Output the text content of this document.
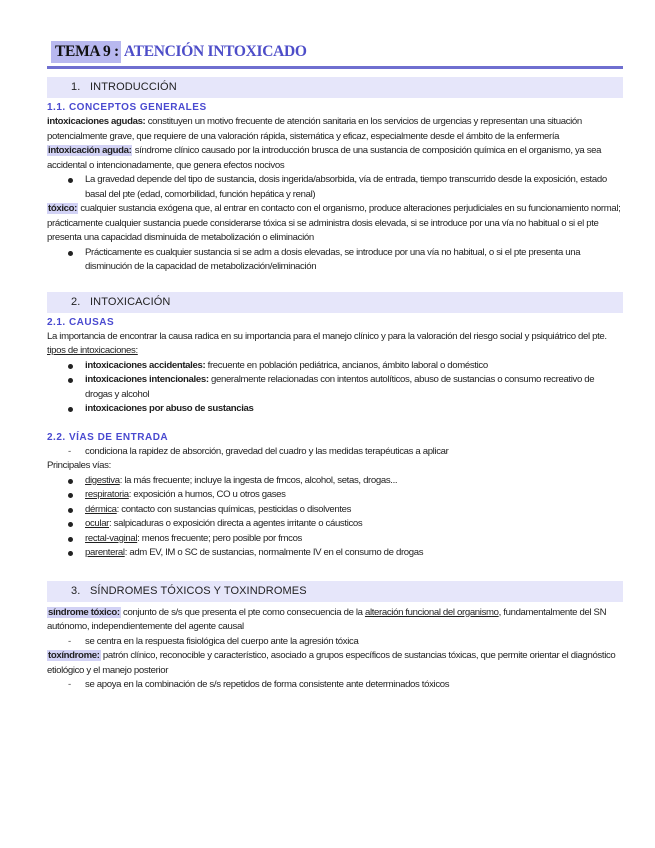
TEMA 9 : ATENCIÓN INTOXICADO
1. INTRODUCCIÓN
1.1. CONCEPTOS GENERALES

intoxicaciones agudas: constituyen un motivo frecuente de atención sanitaria en los servicios de urgencias y representan una situación potencialmente grave, que requiere de una valoración rápida, sistemática y eficaz, especialmente desde el ámbito de la enfermería

intoxicación aguda: síndrome clínico causado por la introducción brusca de una sustancia de composición química en el organismo, ya sea accidental o intencionadamente, que genera efectos nocivos

La gravedad depende del tipo de sustancia, dosis ingerida/absorbida, vía de entrada, tiempo transcurrido desde la exposición, estado basal del pte (edad, comorbilidad, función hepática y renal)

tóxico: cualquier sustancia exógena que, al entrar en contacto con el organismo, produce alteraciones perjudiciales en su funcionamiento normal; prácticamente cualquier sustancia puede considerarse tóxica si se administra dosis elevada, si se introduce por una vía no habitual o si el pte presenta una capacidad disminuida de metabolización o eliminación

Prácticamente es cualquier sustancia si se adm a dosis elevadas, se introduce por una vía no habitual, o si el pte presenta una disminución de la capacidad de metabolización/eliminación
2. INTOXICACIÓN
2.1. CAUSAS

La importancia de encontrar la causa radica en su importancia para el manejo clínico y para la valoración del riesgo social y psiquiátrico del pte.

tipos de intoxicaciones:

intoxicaciones accidentales: frecuente en población pediátrica, ancianos, ámbito laboral o doméstico
intoxicaciones intencionales: generalmente relacionadas con intentos autolíticos, abuso de sustancias o consumo recreativo de drogas y alcohol
intoxicaciones por abuso de sustancias
2.2. VÍAS DE ENTRADA
- condiciona la rapidez de absorción, gravedad del cuadro y las medidas terapéuticas a aplicar

Principales vías:

digestiva: la más frecuente; incluye la ingesta de fmcos, alcohol, setas, drogas...
respiratoria: exposición a humos, CO u otros gases
dérmica: contacto con sustancias químicas, pesticidas o disolventes
ocular: salpicaduras o exposición directa a agentes irritante o cáusticos
rectal-vaginal: menos frecuente; pero posible por fmcos
parenteral: adm EV, IM o SC de sustancias, normalmente IV en el consumo de drogas
3. SÍNDROMES TÓXICOS Y TOXINDROMES

síndrome tóxico: conjunto de s/s que presenta el pte como consecuencia de la alteración funcional del organismo, fundamentalmente del SN autónomo, independientemente del agente causal

- se centra en la respuesta fisiológica del cuerpo ante la agresión tóxica

toxíndrome: patrón clínico, reconocible y característico, asociado a grupos específicos de sustancias tóxicas, que permite orientar el diagnóstico etiológico y el manejo posterior

- se apoya en la combinación de s/s repetidos de forma consistente ante determinados tóxicos
